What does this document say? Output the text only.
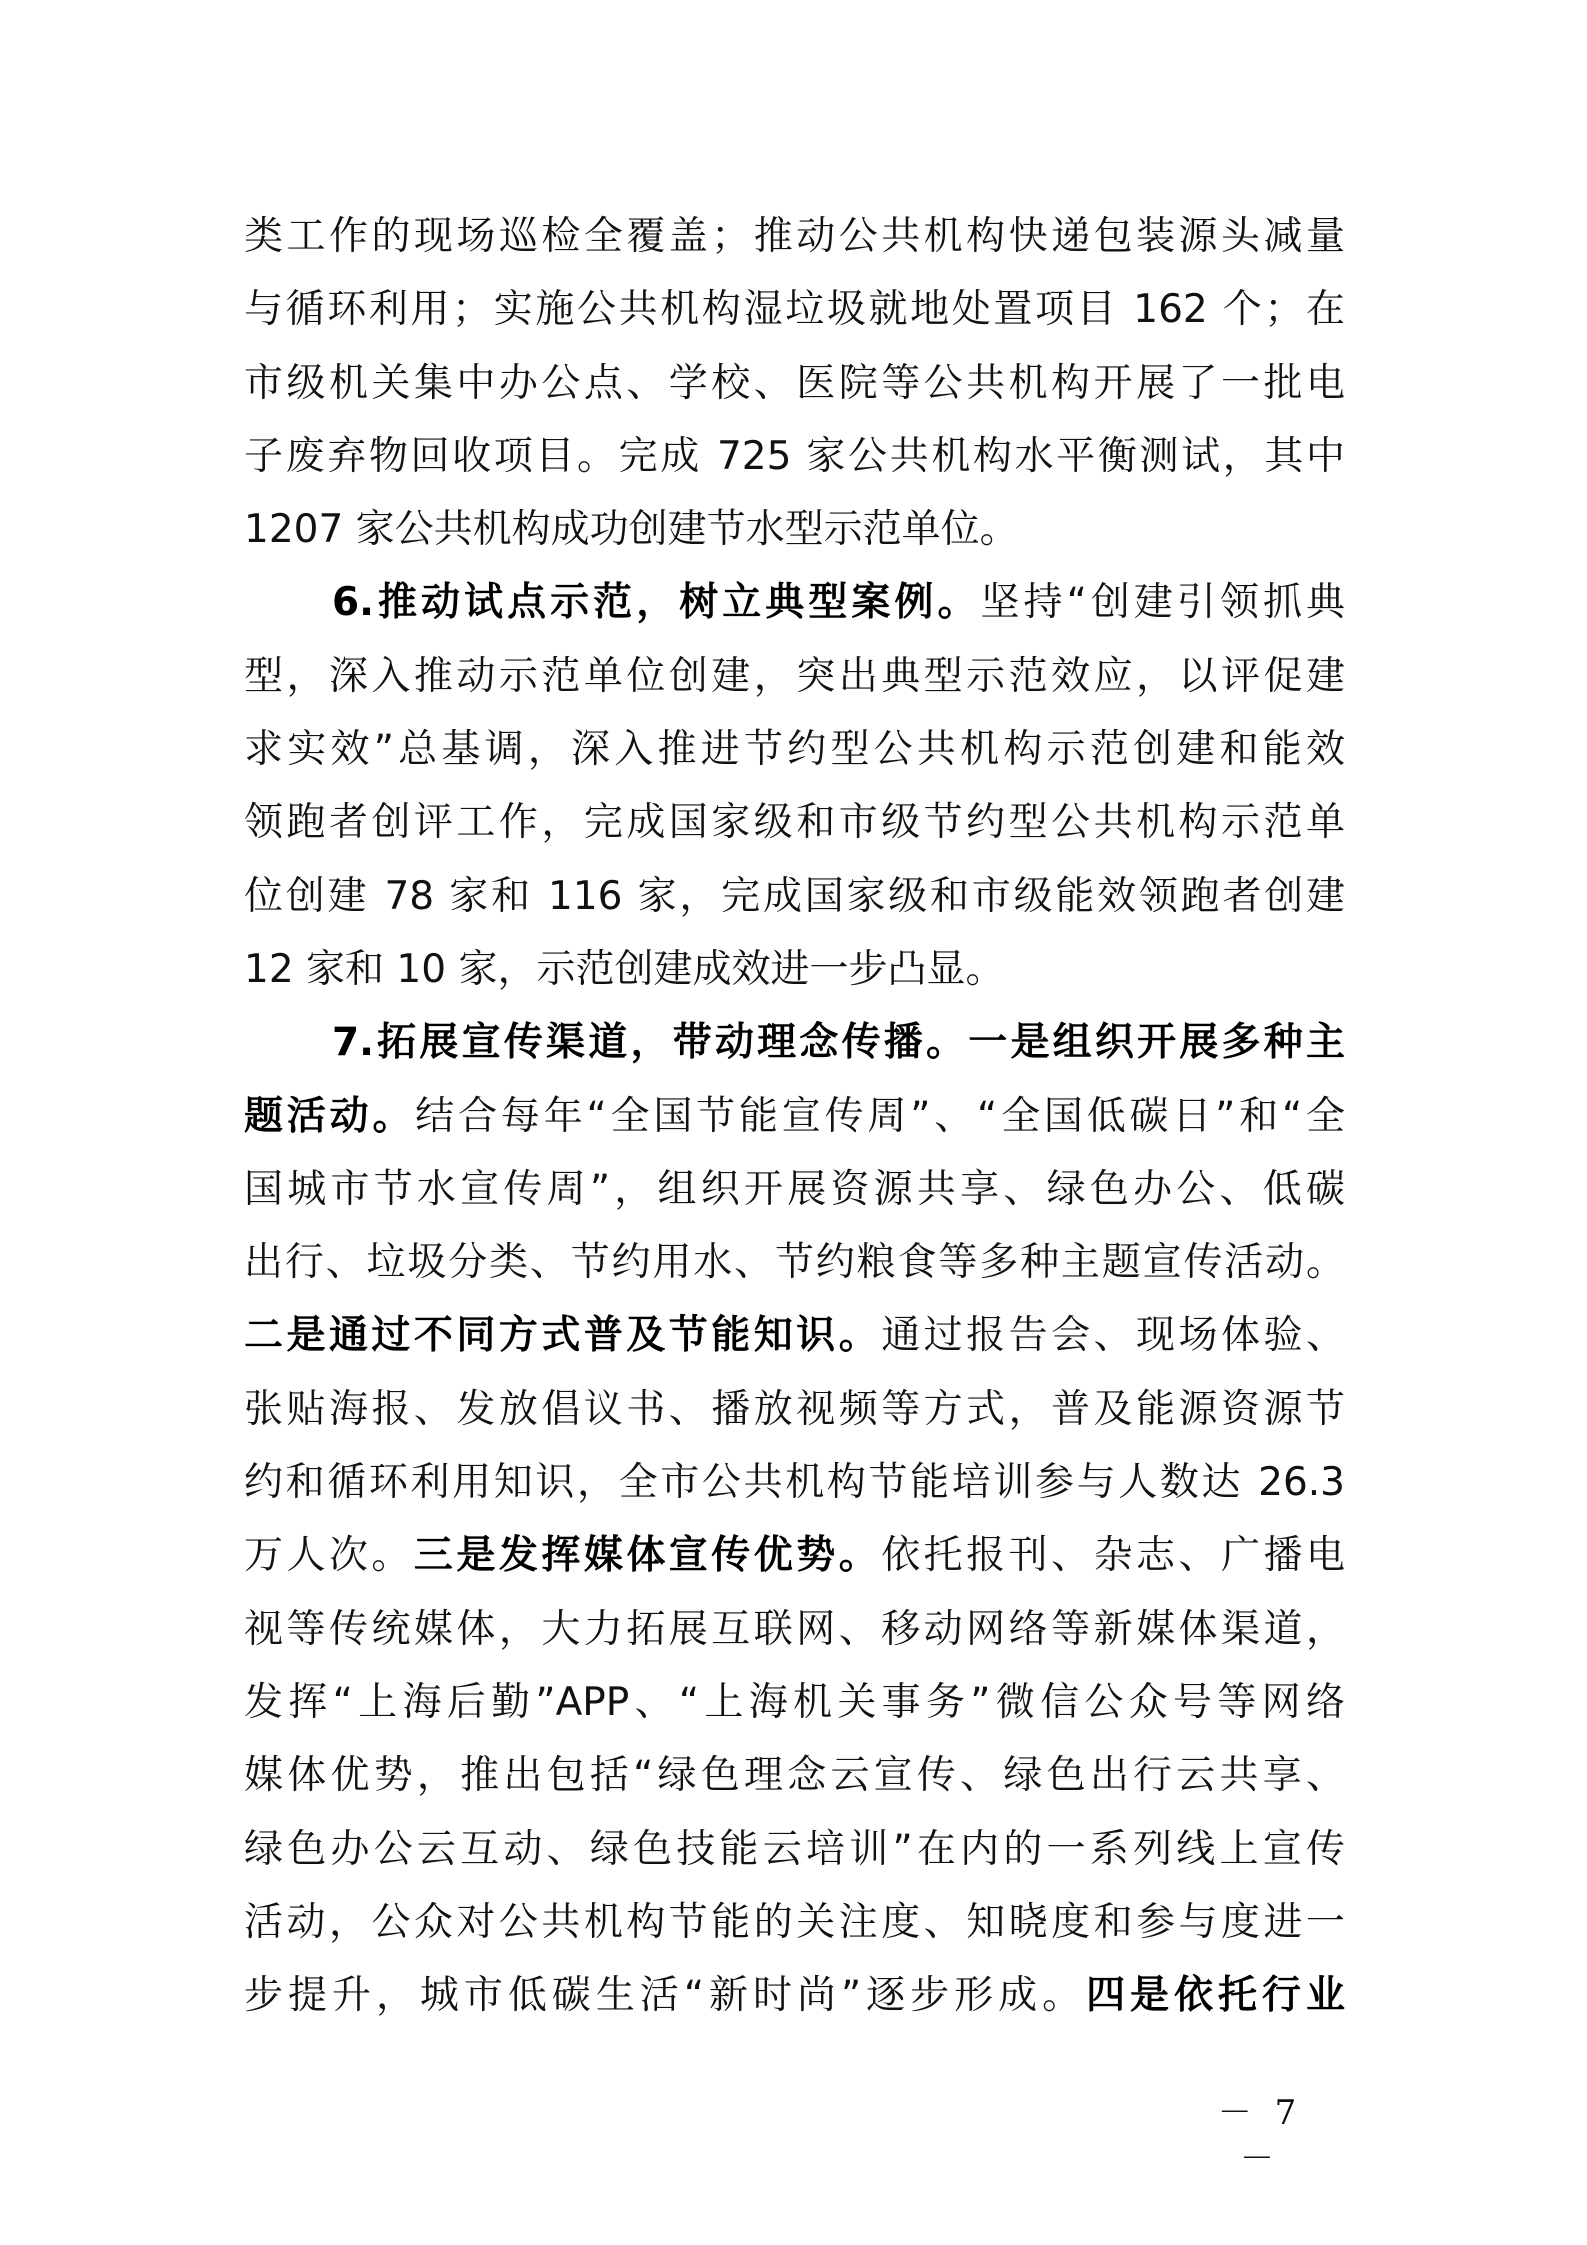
类工作的现场巡检全覆盖；推动公共机构快递包装源头减量
与循环利用；实施公共机构湿垃圾就地处置项目 162 个；在
市级机关集中办公点、学校、医院等公共机构开展了一批电
子废弃物回收项目。完成 725 家公共机构水平衡测试，其中
1207 家公共机构成功创建节水型示范单位。
6.推动试点示范，树立典型案例。坚持“创建引领抓典
型，深入推动示范单位创建，突出典型示范效应，以评促建
求实效”总基调，深入推进节约型公共机构示范创建和能效
领跑者创评工作，完成国家级和市级节约型公共机构示范单
位创建 78 家和 116 家，完成国家级和市级能效领跑者创建
12 家和 10 家，示范创建成效进一步凸显。
7.拓展宣传渠道，带动理念传播。一是组织开展多种主
题活动。结合每年“全国节能宣传周”、“全国低碳日”和“全
国城市节水宣传周”，组织开展资源共享、绿色办公、低碳
出行、垃圾分类、节约用水、节约粮食等多种主题宣传活动。
二是通过不同方式普及节能知识。通过报告会、现场体验、
张贴海报、发放倡议书、播放视频等方式，普及能源资源节
约和循环利用知识，全市公共机构节能培训参与人数达 26.3
万人次。三是发挥媒体宣传优势。依托报刊、杂志、广播电
视等传统媒体，大力拓展互联网、移动网络等新媒体渠道，
发挥“上海后勤”APP、“上海机关事务”微信公众号等网络
媒体优势，推出包括“绿色理念云宣传、绿色出行云共享、
绿色办公云互动、绿色技能云培训”在内的一系列线上宣传
活动，公众对公共机构节能的关注度、知晓度和参与度进一
步提升，城市低碳生活“新时尚”逐步形成。四是依托行业
－ 7 －
